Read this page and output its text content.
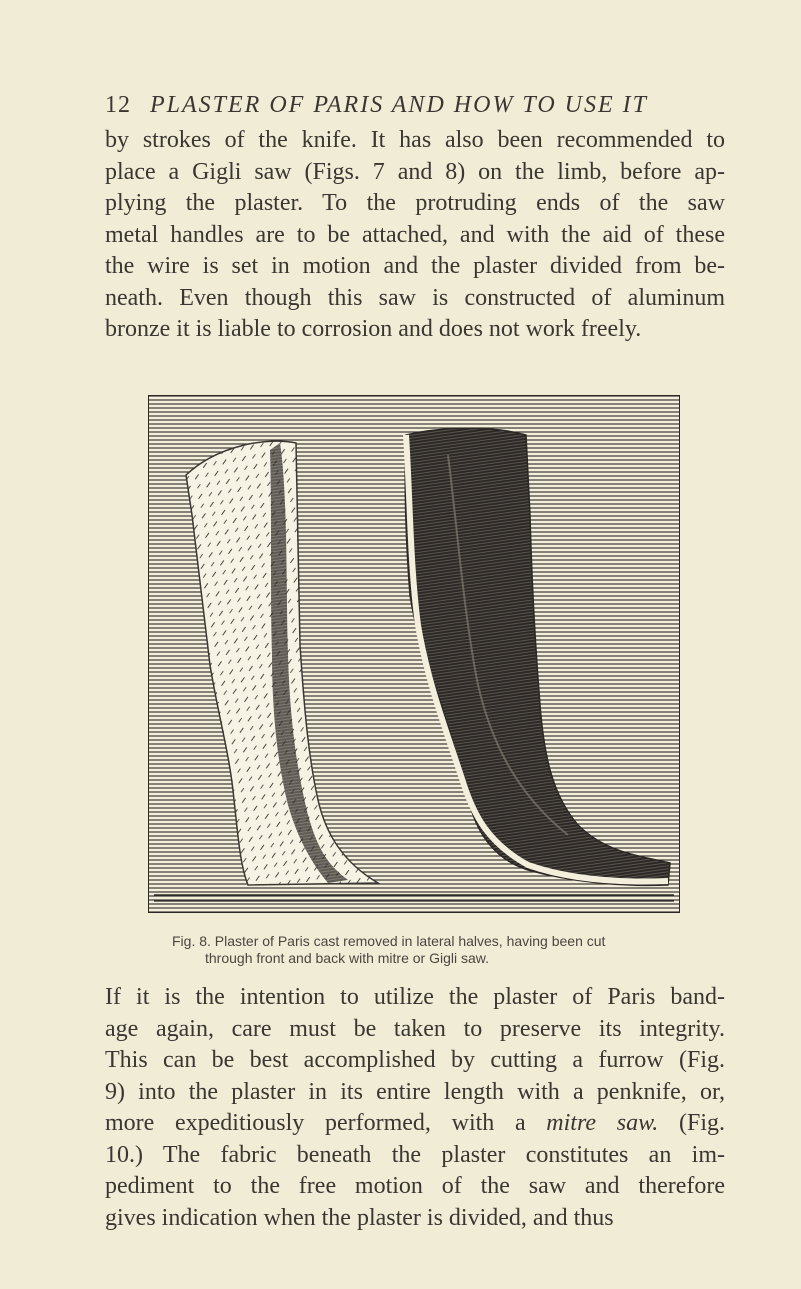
12 PLASTER OF PARIS AND HOW TO USE IT

by strokes of the knife. It has also been recommended to
place a Gigli saw (Figs. 7 and 8) on the limb, before ap-
plying the plaster. To the protruding ends of the saw
metal handles are to be attached, and with the aid of these
the wire is set in motion and the plaster divided from be-
neath. Even though this saw is constructed of aluminum
bronze it is liable to corrosion and does not work freely.

Fig. 8. Plaster of Paris cast removed in lateral halves, having been cut
through front and back with mitre or Gigli saw.

If it is the intention to utilize the plaster of Paris band-
age again, care must be taken to preserve its integrity.
This can be best accomplished by cutting a furrow (Fig.
9) into the plaster in its entire length with a penknife, or,
more expeditiously performed, with a mitre saw. (Fig.
10.) The fabric beneath the plaster constitutes an im-
pediment to the free motion of the saw and therefore
gives indication when the plaster is divided, and thus
